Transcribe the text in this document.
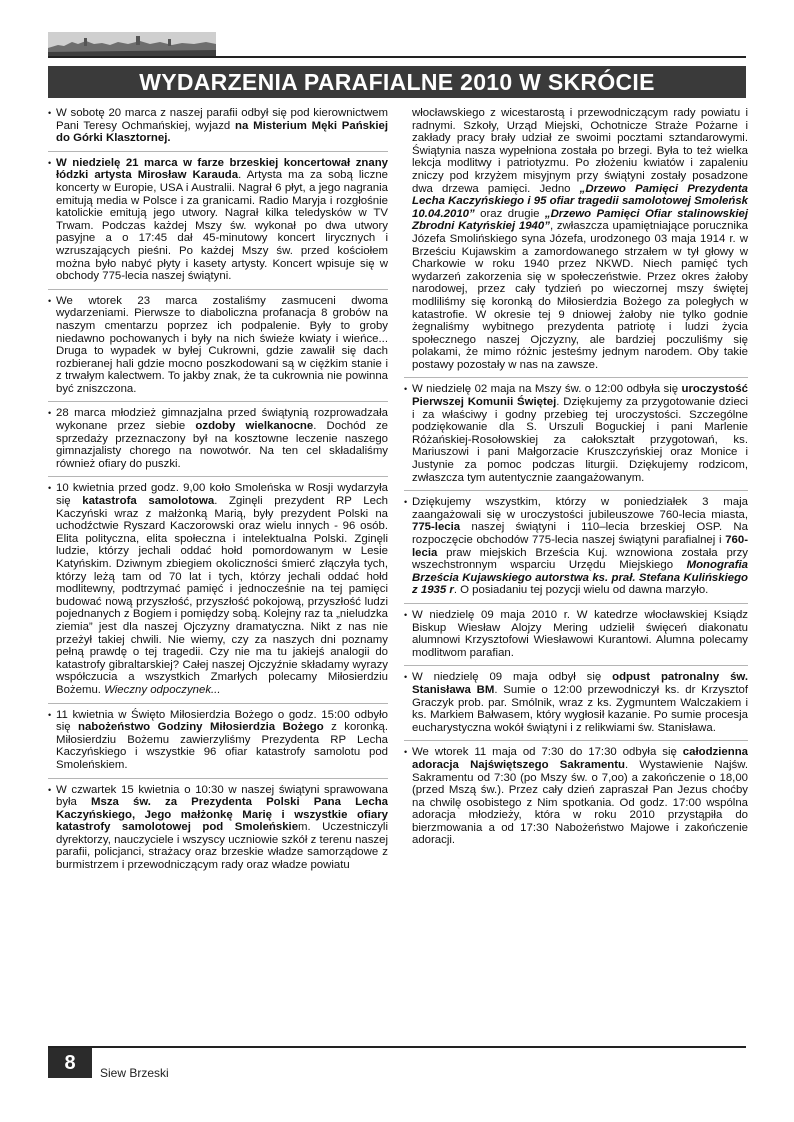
WYDARZENIA PARAFIALNE 2010 W SKRÓCIE
• W sobotę 20 marca z naszej parafii odbył się pod kierownictwem Pani Teresy Ochmańskiej, wyjazd na Misterium Męki Pańskiej do Górki Klasztornej.
• W niedzielę 21 marca w farze brzeskiej koncertował znany łódzki artysta Mirosław Karauda. Artysta ma za sobą liczne koncerty w Europie, USA i Australii. Nagrał 6 płyt, a jego nagrania emitują media w Polsce i za granicami. Radio Maryja i rozgłośnie katolickie emitują jego utwory. Nagrał kilka teledysków w TV Trwam. Podczas każdej Mszy św. wykonał po dwa utwory pasyjne a o 17:45 dał 45-minutowy koncert lirycznych i wzruszających pieśni. Po każdej Mszy św. przed kościołem można było nabyć płyty i kasety artysty. Koncert wpisuje się w obchody 775-lecia naszej świątyni.
• We wtorek 23 marca zostaliśmy zasmuceni dwoma wydarzeniami. Pierwsze to diaboliczna profanacja 8 grobów na naszym cmentarzu poprzez ich podpalenie. Były to groby niedawno pochowanych i były na nich świeże kwiaty i wieńce... Druga to wypadek w byłej Cukrowni, gdzie zawalił się dach rozbieranej hali gdzie mocno poszkodowani są w ciężkim stanie i z trwałym kalectwem. To jakby znak, że ta cukrownia nie powinna być zniszczona.
• 28 marca młodzież gimnazjalna przed świątynią rozprowadzała wykonane przez siebie ozdoby wielkanocne. Dochód ze sprzedaży przeznaczony był na kosztowne leczenie naszego gimnazjalisty chorego na nowotwór. Na ten cel składaliśmy również ofiary do puszki.
• 10 kwietnia przed godz. 9,00 koło Smoleńska w Rosji wydarzyła się katastrofa samolotowa. Zginęli prezydent RP Lech Kaczyński wraz z małżonką Marią, były prezydent Polski na uchodźctwie Ryszard Kaczorowski oraz wielu innych - 96 osób. Elita polityczna, elita społeczna i intelektualna Polski. Zginęli ludzie, którzy jechali oddać hołd pomordowanym w Lesie Katyńskim. Dziwnym zbiegiem okoliczności śmierć złączyła tych, którzy leżą tam od 70 lat i tych, którzy jechali oddać hołd modlitewny, podtrzymać pamięć i jednocześnie na tej pamięci budować nową przyszłość, przyszłość pokojową, przyszłość ludzi pojednanych z Bogiem i pomiędzy sobą. Kolejny raz ta „nieludzka ziemia” jest dla naszej Ojczyzny dramatyczna. Nikt z nas nie przeżył takiej chwili. Nie wiemy, czy za naszych dni poznamy pełną prawdę o tej tragedii. Czy nie ma tu jakiejś analogii do katastrofy gibraltarskiej? Całej naszej Ojczyźnie składamy wyrazy współczucia a wszystkich Zmarłych polecamy Miłosierdziu Bożemu. Wieczny odpoczynek...
• 11 kwietnia w Święto Miłosierdzia Bożego o godz. 15:00 odbyło się nabożeństwo Godziny Miłosierdzia Bożego z koronką. Miłosierdziu Bożemu zawierzyliśmy Prezydenta RP Lecha Kaczyńskiego i wszystkie 96 ofiar katastrofy samolotu pod Smoleńskiem.
• W czwartek 15 kwietnia o 10:30 w naszej świątyni sprawowana była Msza św. za Prezydenta Polski Pana Lecha Kaczyńskiego, Jego małżonkę Marię i wszystkie ofiary katastrofy samolotowej pod Smoleńskiem. Uczestniczyli dyrektorzy, nauczyciele i wszyscy uczniowie szkół z terenu naszej parafii, policjanci, strażacy oraz brzeskie władze samorządowe z burmistrzem i przewodniczącym rady oraz władze powiatu
włocławskiego z wicestarostą i przewodniczącym rady powiatu i radnymi. Szkoły, Urząd Miejski, Ochotnicze Straże Pożarne i zakłady pracy brały udział ze swoimi pocztami sztandarowymi. Świątynia nasza wypełniona została po brzegi. Była to też wielka lekcja modlitwy i patriotyzmu. Po złożeniu kwiatów i zapaleniu zniczy pod krzyżem misyjnym przy świątyni zostały posadzone dwa drzewa pamięci. Jedno „Drzewo Pamięci Prezydenta Lecha Kaczyńskiego i 95 ofiar tragedii samolotowej Smoleńsk 10.04.2010” oraz drugie „Drzewo Pamięci Ofiar stalinowskiej Zbrodni Katyńskiej 1940”, zwłaszcza upamiętniające porucznika Józefa Smolińskiego syna Józefa, urodzonego 03 maja 1914 r. w Brześciu Kujawskim a zamordowanego strzałem w tył głowy w Charkowie w roku 1940 przez NKWD. Niech pamięć tych wydarzeń zakorzenia się w społeczeństwie. Przez okres żałoby narodowej, przez cały tydzień po wieczornej mszy świętej modliliśmy się koronką do Miłosierdzia Bożego za poległych w katastrofie. W okresie tej 9 dniowej żałoby nie tylko godnie żegnaliśmy wybitnego prezydenta patriotę i ludzi życia społecznego naszej Ojczyzny, ale bardziej poczuliśmy się polakami, że mimo różnic jesteśmy jednym narodem. Oby takie postawy pozostały w nas na zawsze.
• W niedzielę 02 maja na Mszy św. o 12:00 odbyła się uroczystość Pierwszej Komunii Świętej. Dziękujemy za przygotowanie dzieci i za właściwy i godny przebieg tej uroczystości. Szczególne podziękowanie dla S. Urszuli Boguckiej i pani Marlenie Różańskiej-Rosołowskiej za całokształt przygotowań, ks. Mariuszowi i pani Małgorzacie Kruszczyńskiej oraz Monice i Justynie za pomoc podczas liturgii. Dziękujemy rodzicom, zwłaszcza tym autentycznie zaangażowanym.
• Dziękujemy wszystkim, którzy w poniedziałek 3 maja zaangażowali się w uroczystości jubileuszowe 760-lecia miasta, 775-lecia naszej świątyni i 110–lecia brzeskiej OSP. Na rozpoczęcie obchodów 775-lecia naszej świątyni parafialnej i 760-lecia praw miejskich Brześcia Kuj. wznowiona została przy wszechstronnym wsparciu Urzędu Miejskiego Monografia Brześcia Kujawskiego autorstwa ks. prał. Stefana Kulińskiego z 1935 r. O posiadaniu tej pozycji wielu od dawna marzyło.
• W niedzielę 09 maja 2010 r. W katedrze włocławskiej Ksiądz Biskup Wiesław Alojzy Mering udzielił święceń diakonatu alumnowi Krzysztofowi Wiesławowi Kurantowi. Alumna polecamy modlitwom parafian.
• W niedzielę 09 maja odbył się odpust patronalny św. Stanisława BM. Sumie o 12:00 przewodniczył ks. dr Krzysztof Graczyk prob. par. Smólnik, wraz z ks. Zygmuntem Walczakiem i ks. Markiem Bałwasem, który wygłosił kazanie. Po sumie procesja eucharystyczna wokół świątyni i z relikwiami św. Stanisława.
• We wtorek 11 maja od 7:30 do 17:30 odbyła się całodzienna adoracja Najświętszego Sakramentu. Wystawienie Najśw. Sakramentu od 7:30 (po Mszy św. o 7,oo) a zakończenie o 18,00 (przed Mszą św.). Przez cały dzień zapraszał Pan Jezus choćby na chwilę osobistego z Nim spotkania. Od godz. 17:00 wspólna adoracja młodzieży, która w roku 2010 przystąpiła do bierzmowania a od 17:30 Nabożeństwo Majowe i zakończenie adoracji.
8	Siew Brzeski
